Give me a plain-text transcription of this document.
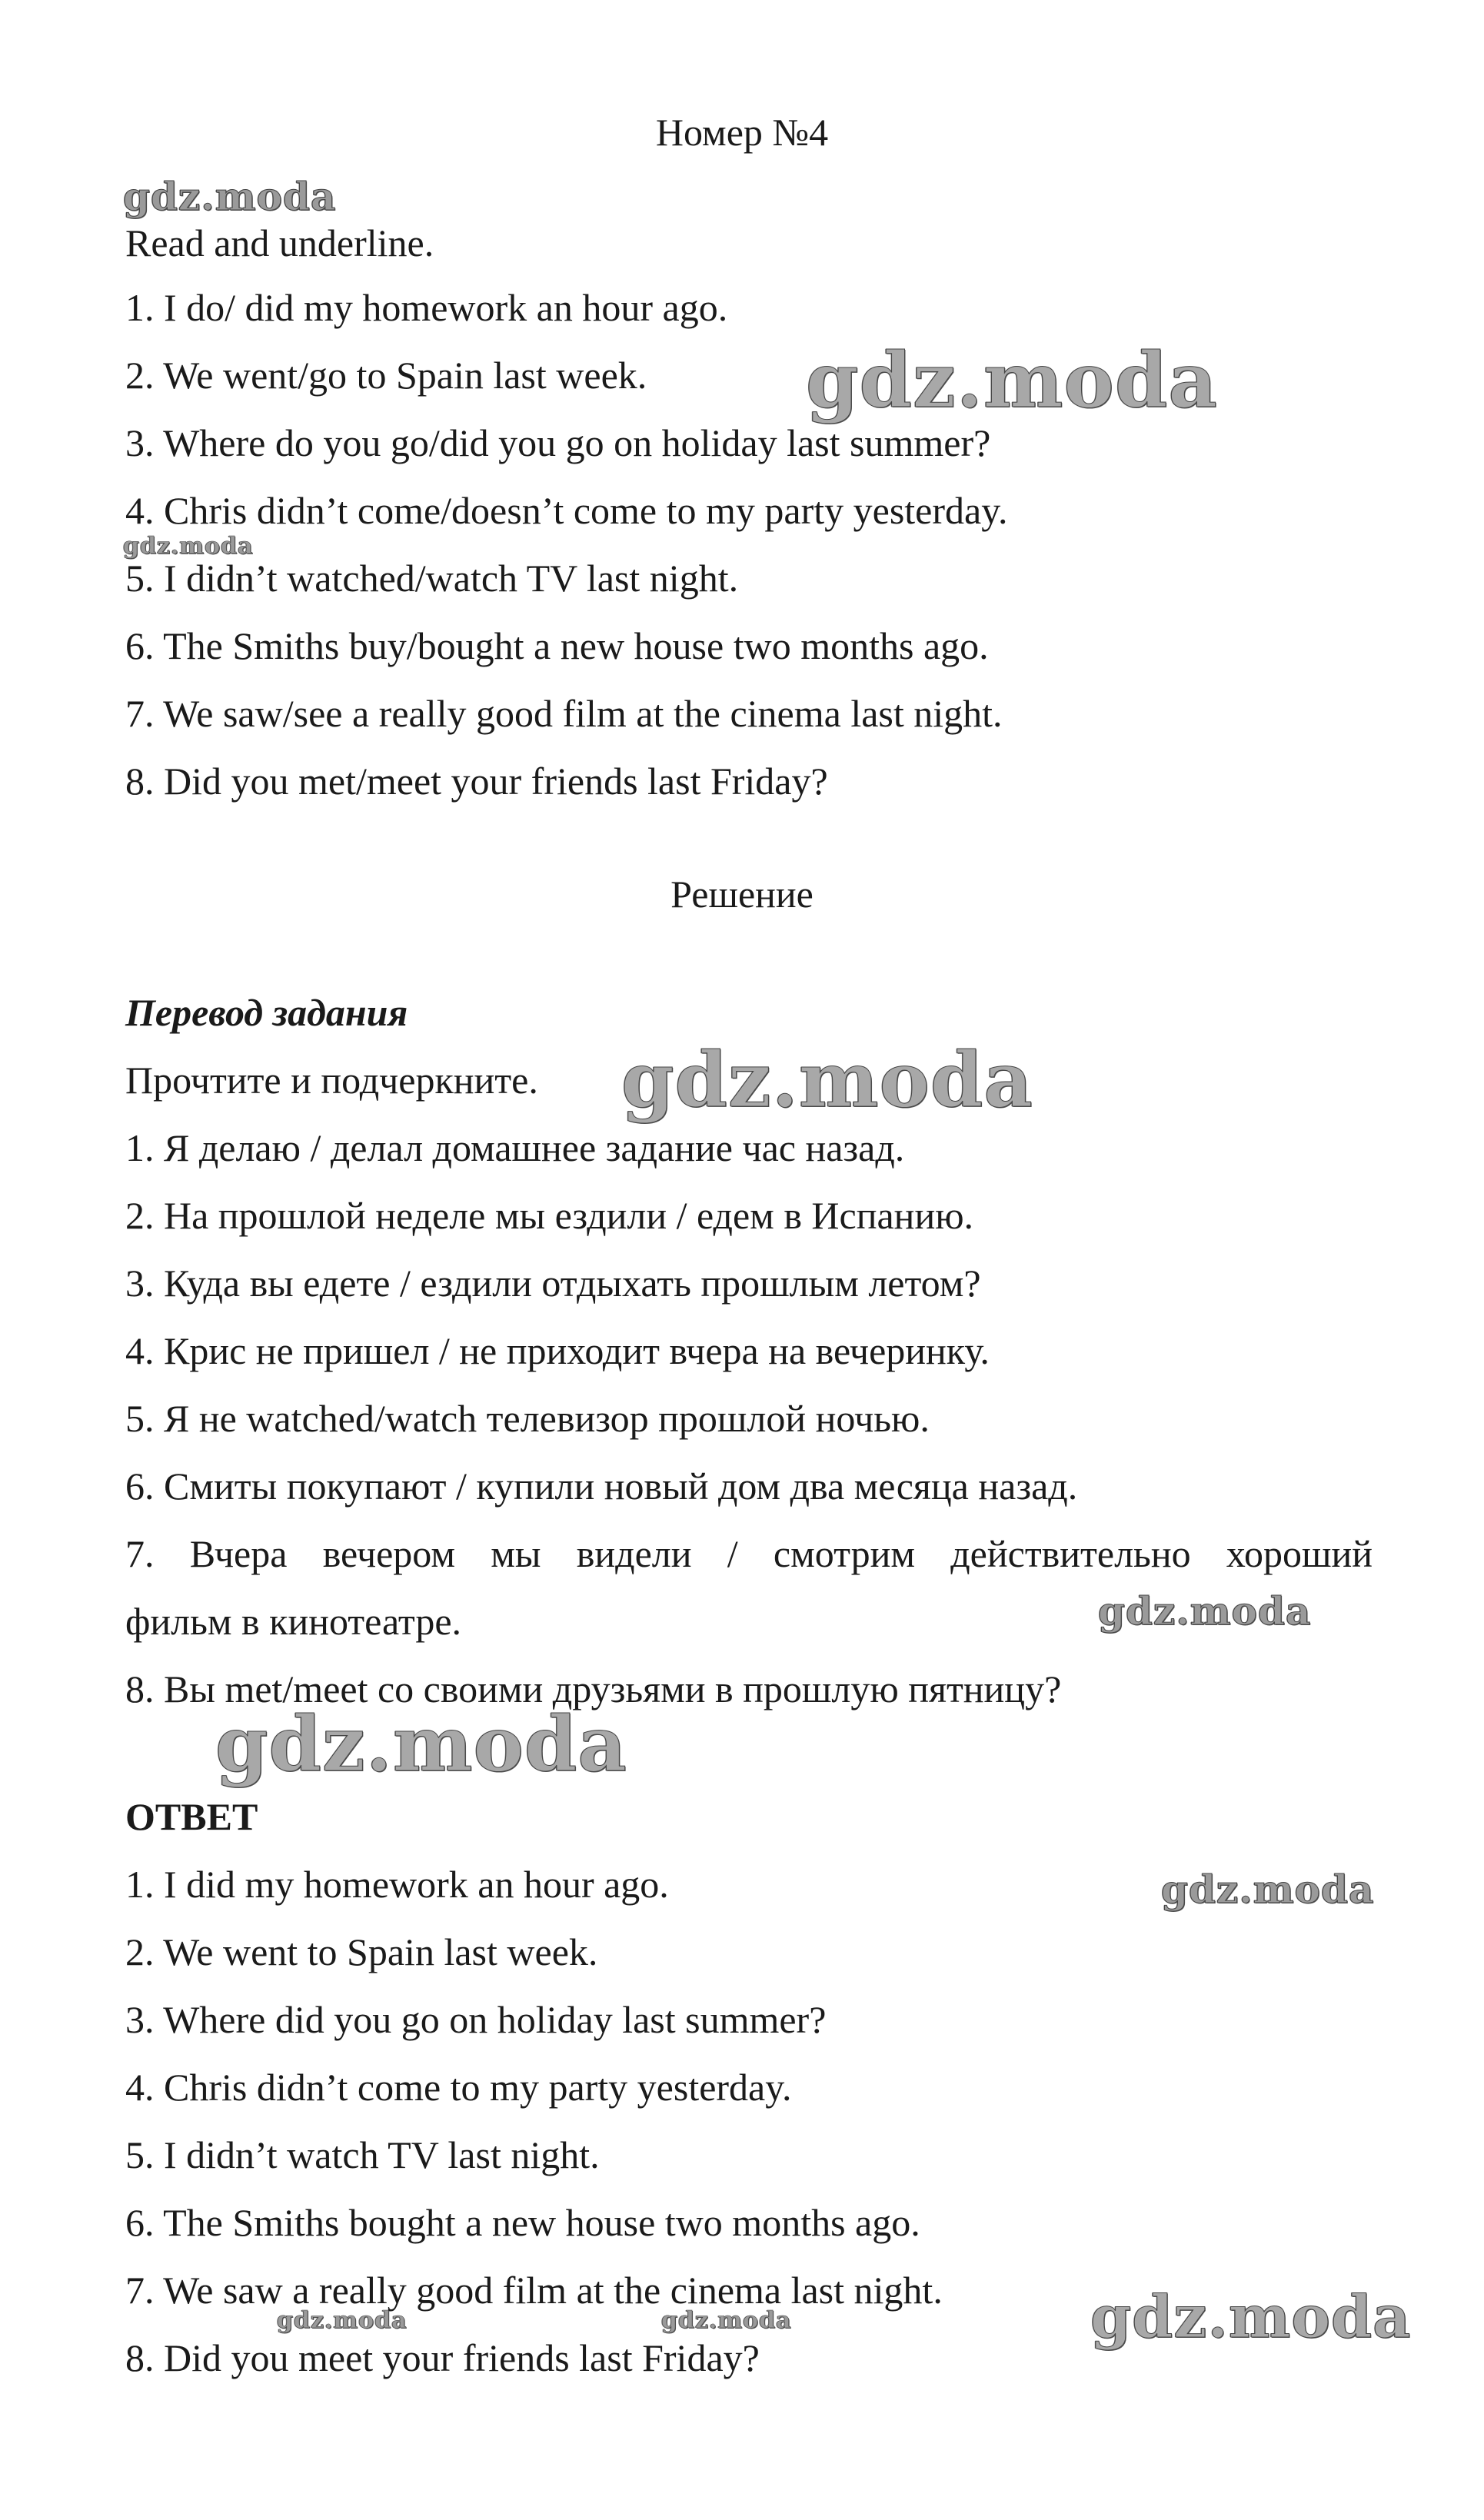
Номер №4
Read and underline.
1. I do/ did my homework an hour ago.
2. We went/go to Spain last week.
3. Where do you go/did you go on holiday last summer?
4. Chris didn’t come/doesn’t come to my party yesterday.
5. I didn’t watched/watch TV last night.
6. The Smiths buy/bought a new house two months ago.
7. We saw/see a really good film at the cinema last night.
8. Did you met/meet your friends last Friday?
Решение
Перевод задания
Прочтите и подчеркните.
1. Я делаю / делал домашнее задание час назад.
2. На прошлой неделе мы ездили / едем в Испанию.
3. Куда вы едете / ездили отдыхать прошлым летом?
4. Крис не пришел / не приходит вчера на вечеринку.
5. Я не watched/watch телевизор прошлой ночью.
6. Смиты покупают / купили новый дом два месяца назад.
7. Вчера вечером мы видели / смотрим действительно хороший
фильм в кинотеатре.
8. Вы met/meet со своими друзьями в прошлую пятницу?
ОТВЕТ
1. I did my homework an hour ago.
2. We went to Spain last week.
3. Where did you go on holiday last summer?
4. Chris didn’t come to my party yesterday.
5. I didn’t watch TV last night.
6. The Smiths bought a new house two months ago.
7. We saw a really good film at the cinema last night.
8. Did you meet your friends last Friday?
gdz.moda
gdz.moda
gdz.moda
gdz.moda
gdz.moda
gdz.moda
gdz.moda
gdz.moda	gdz.moda	gdz.moda
